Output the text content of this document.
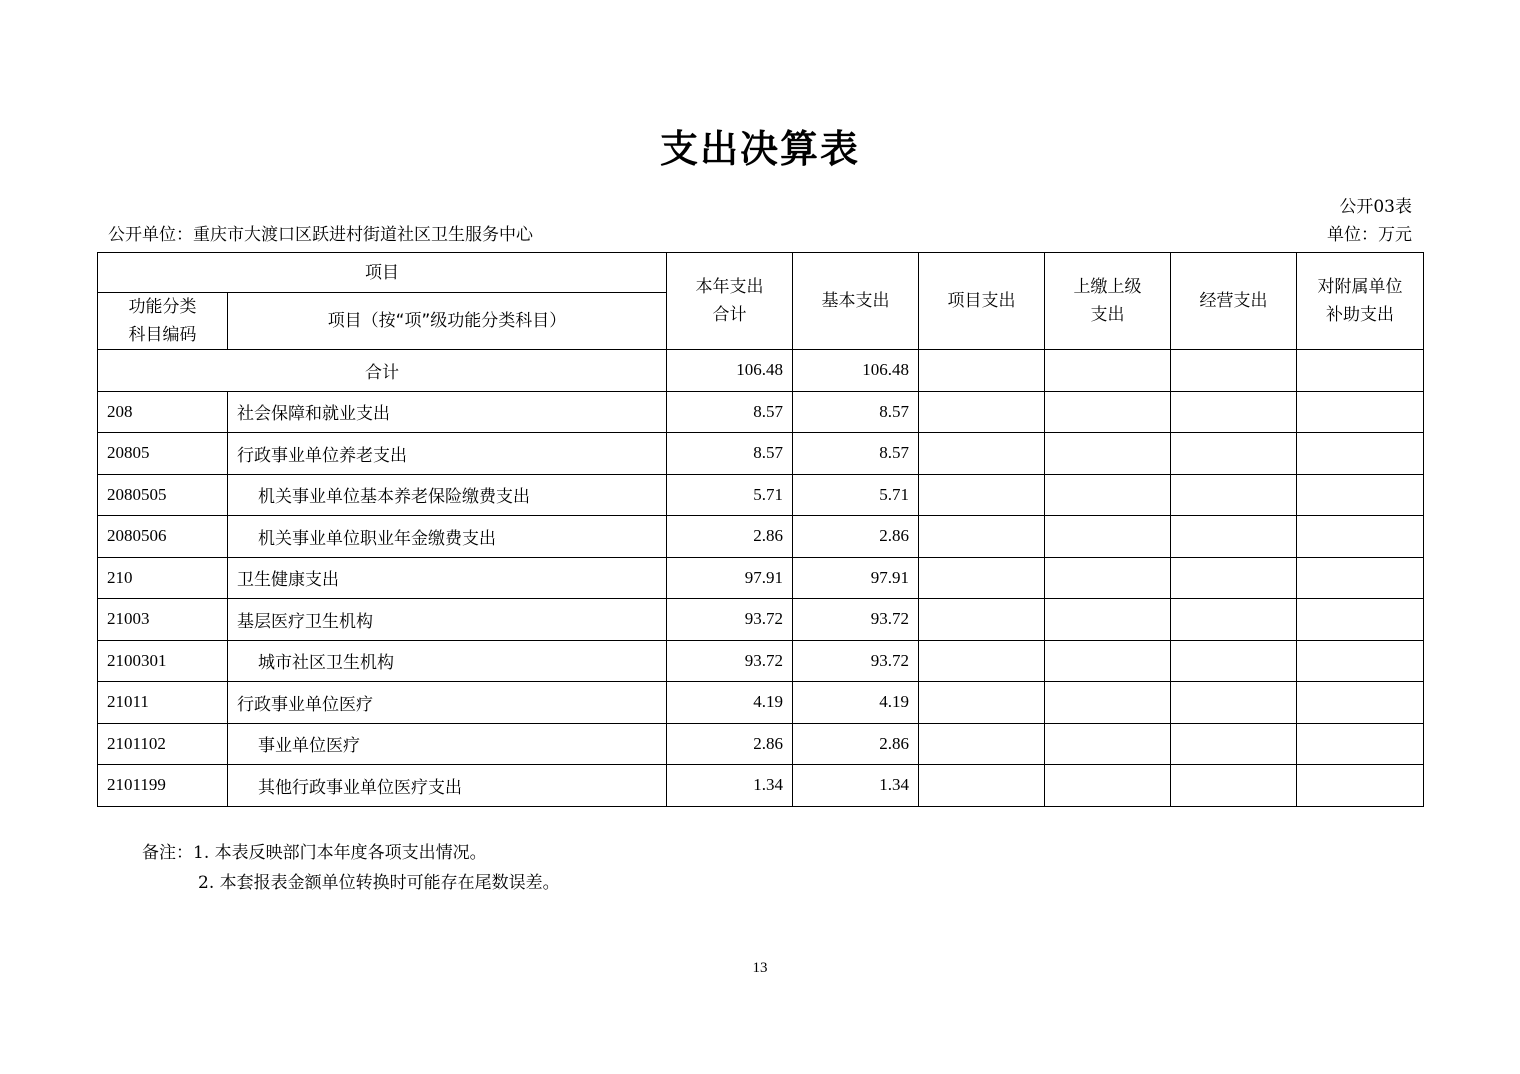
支出决算表
公开03表
公开单位：重庆市大渡口区跃进村街道社区卫生服务中心	单位：万元
项目		本年支出合计	基本支出	项目支出	上缴上级支出	经营支出	对附属单位补助支出
功能分类科目编码	项目（按“项”级功能分类科目）						
合计		106.48	106.48				
208	社会保障和就业支出	8.57	8.57				
20805	行政事业单位养老支出	8.57	8.57				
2080505	机关事业单位基本养老保险缴费支出	5.71	5.71				
2080506	机关事业单位职业年金缴费支出	2.86	2.86				
210	卫生健康支出	97.91	97.91				
21003	基层医疗卫生机构	93.72	93.72				
2100301	城市社区卫生机构	93.72	93.72				
21011	行政事业单位医疗	4.19	4.19				
2101102	事业单位医疗	2.86	2.86				
2101199	其他行政事业单位医疗支出	1.34	1.34				
备注：1. 本表反映部门本年度各项支出情况。
2. 本套报表金额单位转换时可能存在尾数误差。
13
